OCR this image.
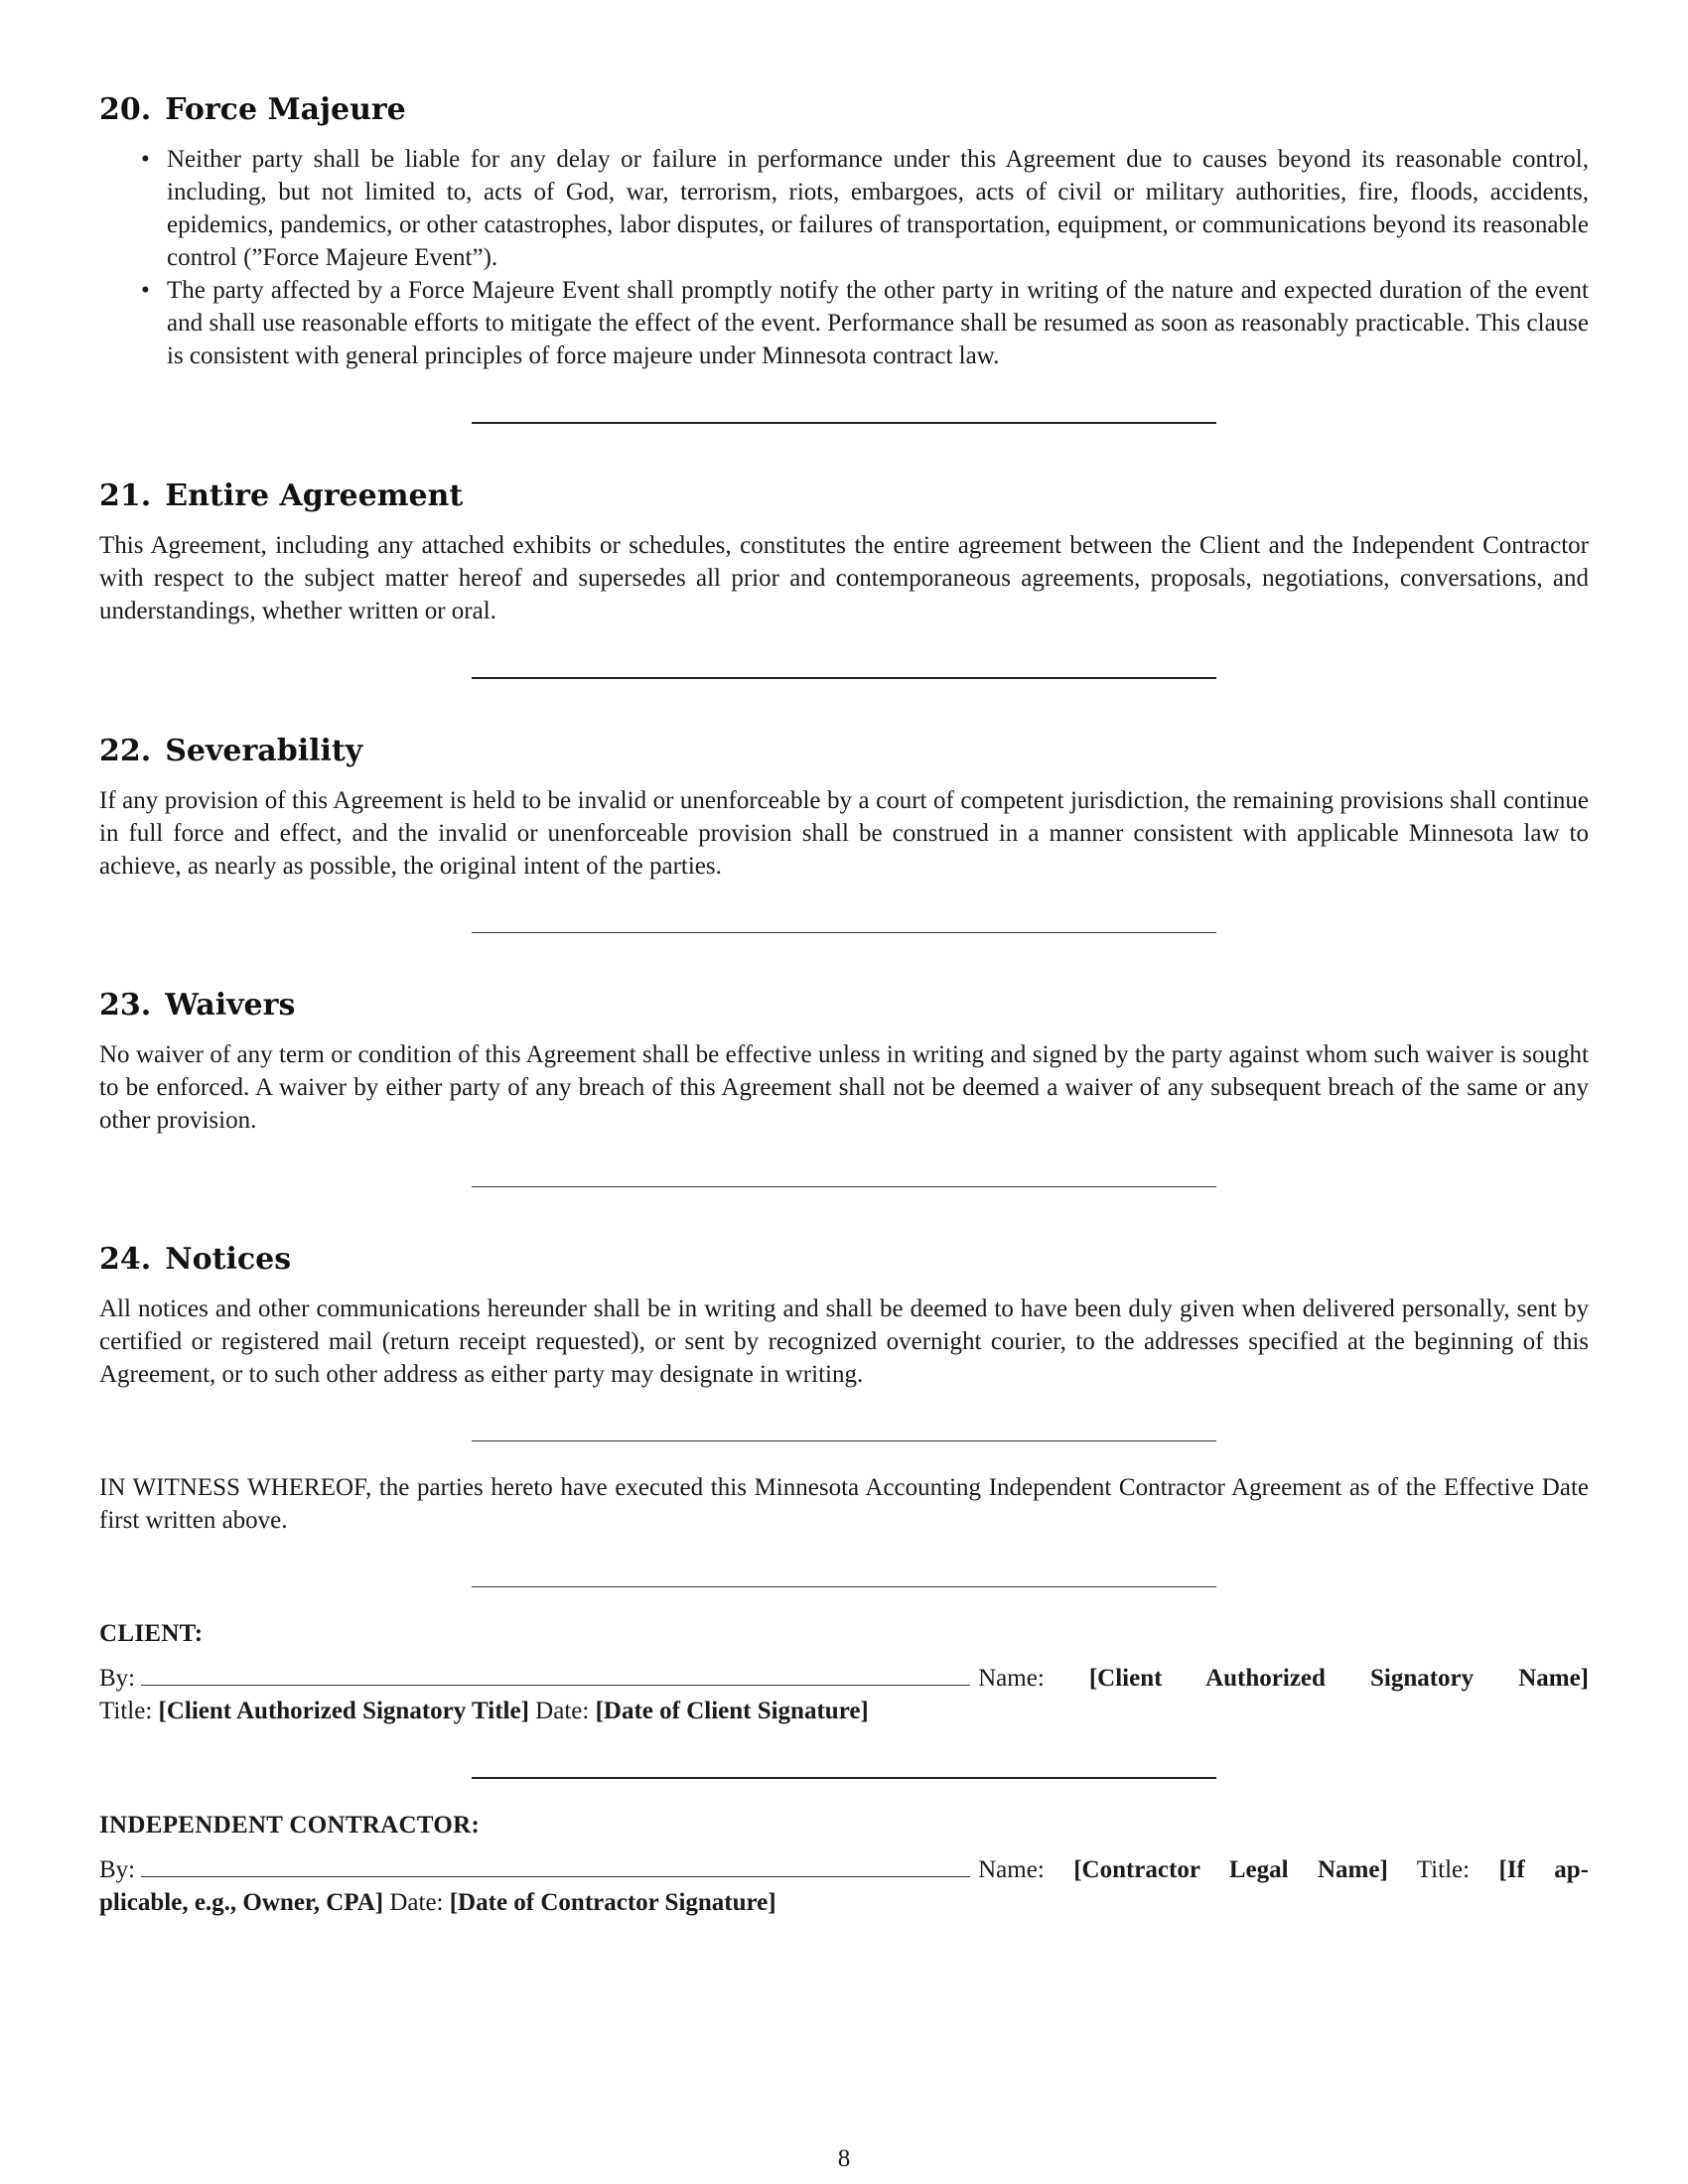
20. Force Majeure
• Neither party shall be liable for any delay or failure in performance under this Agreement due to causes beyond its reasonable control, including, but not limited to, acts of God, war, terrorism, riots, embargoes, acts of civil or military authorities, fire, floods, accidents, epidemics, pandemics, or other catastrophes, labor disputes, or failures of transportation, equipment, or communications beyond its reasonable control (”Force Majeure Event”).
• The party affected by a Force Majeure Event shall promptly notify the other party in writing of the nature and expected duration of the event and shall use reasonable efforts to mitigate the effect of the event. Performance shall be resumed as soon as reasonably practicable. This clause is consistent with general principles of force majeure under Minnesota contract law.
21. Entire Agreement

This Agreement, including any attached exhibits or schedules, constitutes the entire agreement between the Client and the Independent Contractor with respect to the subject matter hereof and supersedes all prior and contemporaneous agreements, proposals, negotiations, conversations, and understandings, whether written or oral.

22. Severability

If any provision of this Agreement is held to be invalid or unenforceable by a court of competent jurisdiction, the remaining provisions shall continue in full force and effect, and the invalid or unenforceable provision shall be construed in a manner consistent with applicable Minnesota law to achieve, as nearly as possible, the original intent of the parties.

23. Waivers

No waiver of any term or condition of this Agreement shall be effective unless in writing and signed by the party against whom such waiver is sought to be enforced. A waiver by either party of any breach of this Agreement shall not be deemed a waiver of any subsequent breach of the same or any other provision.

24. Notices

All notices and other communications hereunder shall be in writing and shall be deemed to have been duly given when delivered personally, sent by certified or registered mail (return receipt requested), or sent by recognized overnight courier, to the addresses specified at the beginning of this Agreement, or to such other address as either party may designate in writing.

IN WITNESS WHEREOF, the parties hereto have executed this Minnesota Accounting Independent Contractor Agreement as of the Effective Date first written above.

CLIENT:
By:	Name: [Client Authorized Signatory Name]
Title: [Client Authorized Signatory Title] Date: [Date of Client Signature]
INDEPENDENT CONTRACTOR:
By:	Name: [Contractor Legal Name] Title: [If ap-
plicable, e.g., Owner, CPA] Date: [Date of Contractor Signature]
8
